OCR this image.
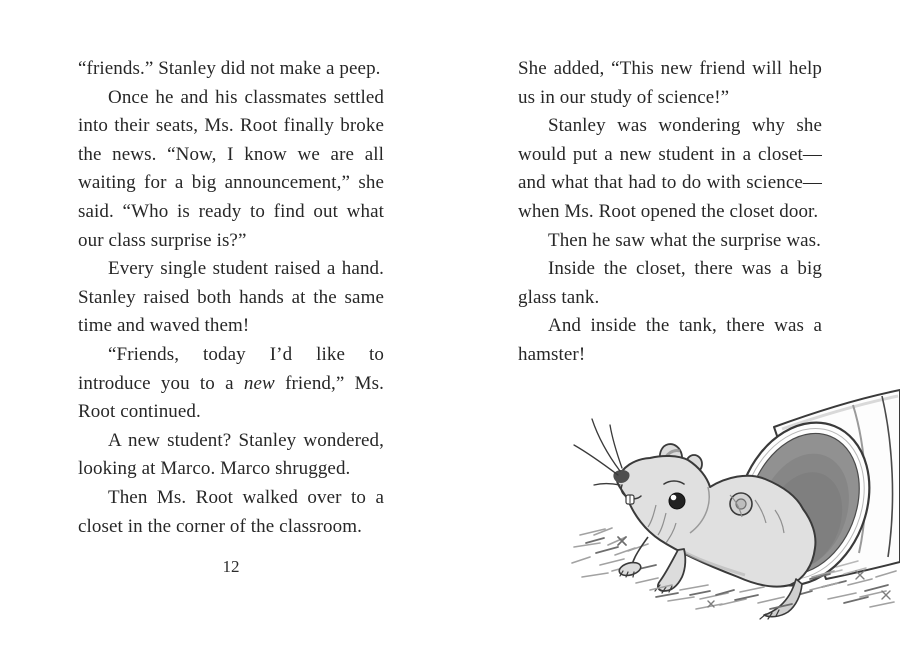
“friends.” Stanley did not make a peep.

Once he and his classmates settled into their seats, Ms. Root finally broke the news. “Now, I know we are all waiting for a big announcement,” she said. “Who is ready to find out what our class surprise is?”

Every single student raised a hand. Stanley raised both hands at the same time and waved them!

“Friends, today I’d like to introduce you to a new friend,” Ms. Root continued.

A new student? Stanley wondered, looking at Marco. Marco shrugged.

Then Ms. Root walked over to a closet in the corner of the classroom.

12

She added, “This new friend will help us in our study of science!”

Stanley was wondering why she would put a new student in a closet—and what that had to do with science—when Ms. Root opened the closet door.

Then he saw what the surprise was.

Inside the closet, there was a big glass tank.

And inside the tank, there was a hamster!
